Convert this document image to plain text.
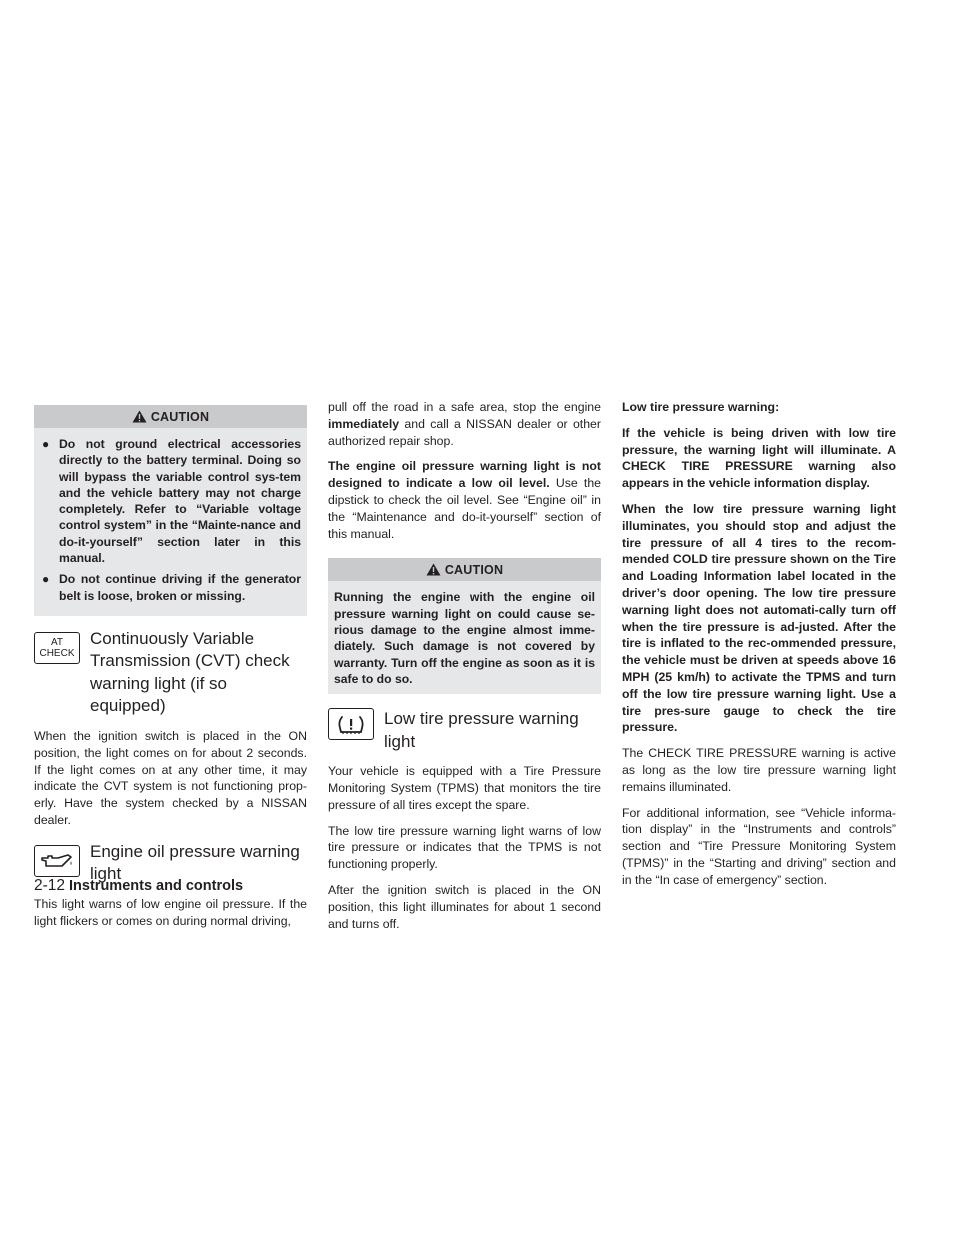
CAUTION
● Do not ground electrical accessories directly to the battery terminal. Doing so will bypass the variable control sys-tem and the vehicle battery may not charge completely. Refer to “Variable voltage control system” in the “Mainte-nance and do-it-yourself” section later in this manual.
● Do not continue driving if the generator belt is loose, broken or missing.
AT
CHECK
Continuously Variable
Transmission (CVT) check
warning light (if so equipped)

When the ignition switch is placed in the ON position, the light comes on for about 2 seconds. If the light comes on at any other time, it may indicate the CVT system is not functioning prop-erly. Have the system checked by a NISSAN dealer.

Engine oil pressure warning
light

This light warns of low engine oil pressure. If the light flickers or comes on during normal driving,

pull off the road in a safe area, stop the engine immediately and call a NISSAN dealer or other authorized repair shop.

The engine oil pressure warning light is not designed to indicate a low oil level. Use the dipstick to check the oil level. See “Engine oil” in the “Maintenance and do-it-yourself” section of this manual.

CAUTION

Running the engine with the engine oil pressure warning light on could cause se-rious damage to the engine almost imme-diately. Such damage is not covered by warranty. Turn off the engine as soon as it is safe to do so.

Low tire pressure warning light

Your vehicle is equipped with a Tire Pressure Monitoring System (TPMS) that monitors the tire pressure of all tires except the spare.

The low tire pressure warning light warns of low tire pressure or indicates that the TPMS is not functioning properly.

After the ignition switch is placed in the ON position, this light illuminates for about 1 second and turns off.

Low tire pressure warning:

If the vehicle is being driven with low tire pressure, the warning light will illuminate. A CHECK TIRE PRESSURE warning also appears in the vehicle information display.

When the low tire pressure warning light illuminates, you should stop and adjust the tire pressure of all 4 tires to the recom-mended COLD tire pressure shown on the Tire and Loading Information label located in the driver’s door opening. The low tire pressure warning light does not automati-cally turn off when the tire pressure is ad-justed. After the tire is inflated to the rec-ommended pressure, the vehicle must be driven at speeds above 16 MPH (25 km/h) to activate the TPMS and turn off the low tire pressure warning light. Use a tire pres-sure gauge to check the tire pressure.

The CHECK TIRE PRESSURE warning is active as long as the low tire pressure warning light remains illuminated.

For additional information, see “Vehicle informa-tion display” in the “Instruments and controls” section and “Tire Pressure Monitoring System (TPMS)” in the “Starting and driving” section and in the “In case of emergency” section.

2-12 Instruments and controls
